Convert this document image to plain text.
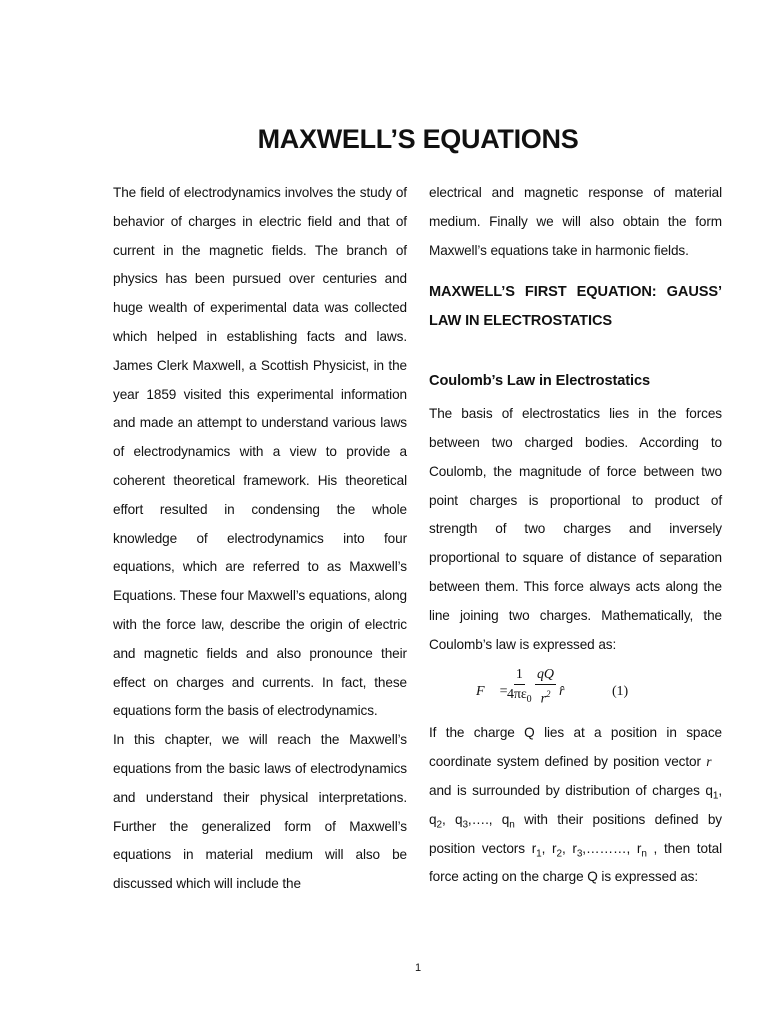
MAXWELL’S EQUATIONS

The field of electrodynamics involves the study of behavior of charges in electric field and that of current in the magnetic fields. The branch of physics has been pursued over centuries and huge wealth of experimental data was collected which helped in establishing facts and laws. James Clerk Maxwell, a Scottish Physicist, in the year 1859 visited this experimental information and made an attempt to understand various laws of electrodynamics with a view to provide a coherent theoretical framework. His theoretical effort resulted in condensing the whole knowledge of electrodynamics into four equations, which are referred to as Maxwell’s Equations. These four Maxwell’s equations, along with the force law, describe the origin of electric and magnetic fields and also pronounce their effect on charges and currents. In fact, these equations form the basis of electrodynamics.

In this chapter, we will reach the Maxwell’s equations from the basic laws of electrodynamics and understand their physical interpretations. Further the generalized form of Maxwell’s equations in material medium will also be discussed which will include the

electrical and magnetic response of material medium. Finally we will also obtain the form Maxwell’s equations take in harmonic fields.

MAXWELL’S FIRST EQUATION: GAUSS’
LAW IN ELECTROSTATICS
Coulomb’s Law in Electrostatics

The basis of electrostatics lies in the forces between two charged bodies. According to Coulomb, the magnitude of force between two point charges is proportional to product of strength of two charges and inversely proportional to square of distance of separation between them. This force always acts along the line joining two charges. Mathematically, the Coulomb’s law is expressed as:

F =
$\frac{1}{4\pi\varepsilon_0} \frac{qQ}{r^2}$ r̂	(1)

If the charge Q lies at a position in space coordinate system defined by position vector r⃗ and is surrounded by distribution of charges $q_1$, $q_2$, $q_3,\dots$., $q_n$ with their positions defined by position vectors $r_1$, $r_2$, $r_3,\dots\dots\dots$, $r_n$ , then total force acting on the charge Q is expressed as:

1
